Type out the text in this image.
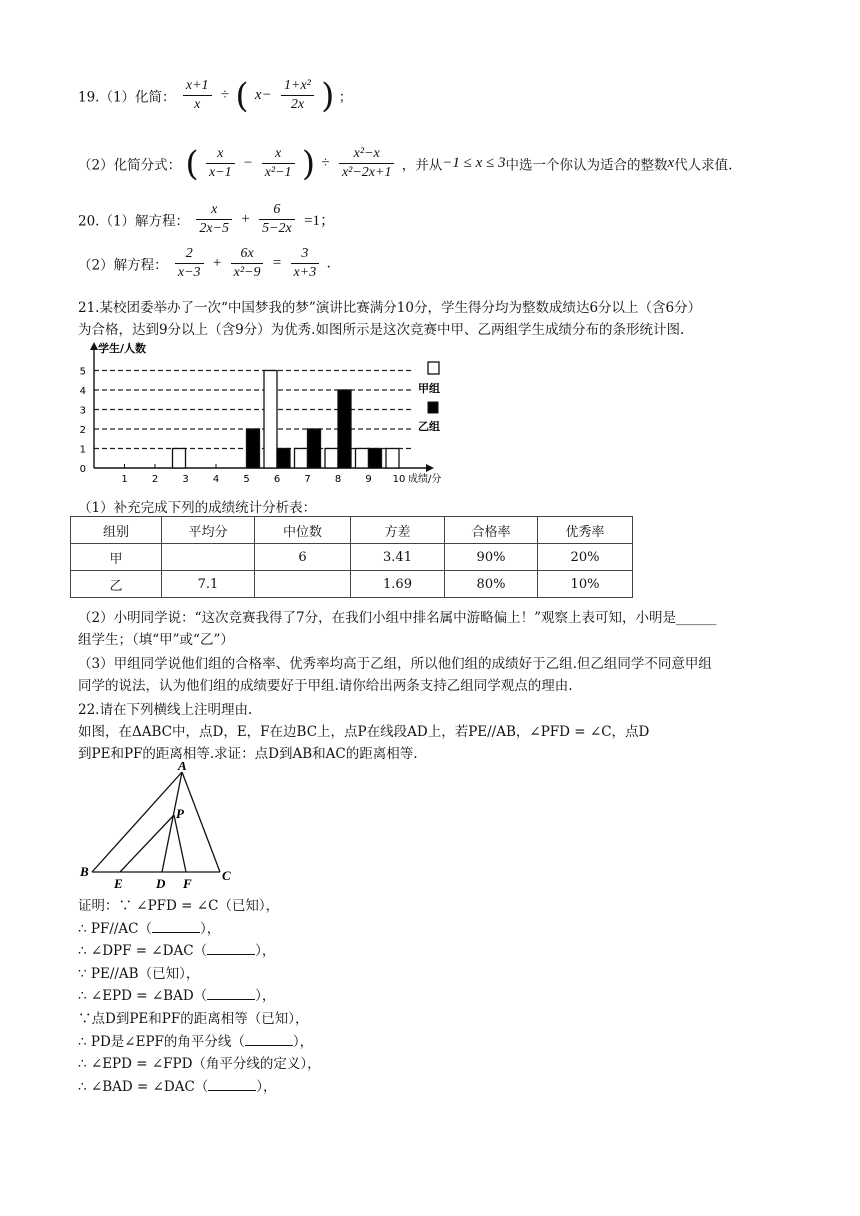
19.（1）化简： $\frac{x+1}{x}$ ÷ ( $x- \frac{\text{1+x²}}{2x}$ ) ；
（2）化简分式： ( $\frac{x}{x-1} - \frac{x}{\text{x²−1}}$ ) ÷ $\frac{\text{x²−x}}{\text{x²−2x+1}}$ ，并从−1 ≤ x ≤ 3中选一个你认为适合的整数x代人求值.
20.（1）解方程： $\frac{x}{2x-5} + \frac{6}{5-2x} =1$；
（2）解方程： $\frac{2}{x-3} + \frac{6x}{\text{x²−9}} = \frac{3}{x+3}$ .
21.某校团委举办了一次“中国梦我的梦”演讲比赛满分10分，学生得分均为整数成绩达6分以上（含6分）
为合格，达到9分以上（含9分）为优秀.如图所示是这次竞赛中甲、乙两组学生成绩分布的条形统计图.
0
1
2
3
4
5
1 2 3 4 5 6 7 8 9 10
学生/人数
成绩/分
甲组
乙组
（1）补充完成下列的成绩统计分析表：
组别	平均分	中位数	方差	合格率	优秀率
甲		6	3.41	90%	20%
乙	7.1		1.69	80%	10%
（2）小明同学说：“这次竞赛我得了7分，在我们小组中排名属中游略偏上！”观察上表可知，小明是______
组学生；（填“甲”或“乙”）
（3）甲组同学说他们组的合格率、优秀率均高于乙组，所以他们组的成绩好于乙组.但乙组同学不同意甲组
同学的说法，认为他们组的成绩要好于甲组.请你给出两条支持乙组同学观点的理由.
22.请在下列横线上注明理由.
如图，在ΔABC中，点D，E，F在边BC上，点P在线段AD上，若PE//AB，∠PFD = ∠C，点D
到PE和PF的距离相等.求证：点D到AB和AC的距离相等.
A
P
B
E	D F
C
证明：∵ ∠PFD = ∠C（已知），
∴ PF//AC（	），
∴ ∠DPF = ∠DAC（	），
∵ PE//AB（已知），
∴ ∠EPD = ∠BAD（	），
∵点D到PE和PF的距离相等（已知），
∴ PD是∠EPF的角平分线（	），
∴ ∠EPD = ∠FPD（角平分线的定义），
∴ ∠BAD = ∠DAC（	），
